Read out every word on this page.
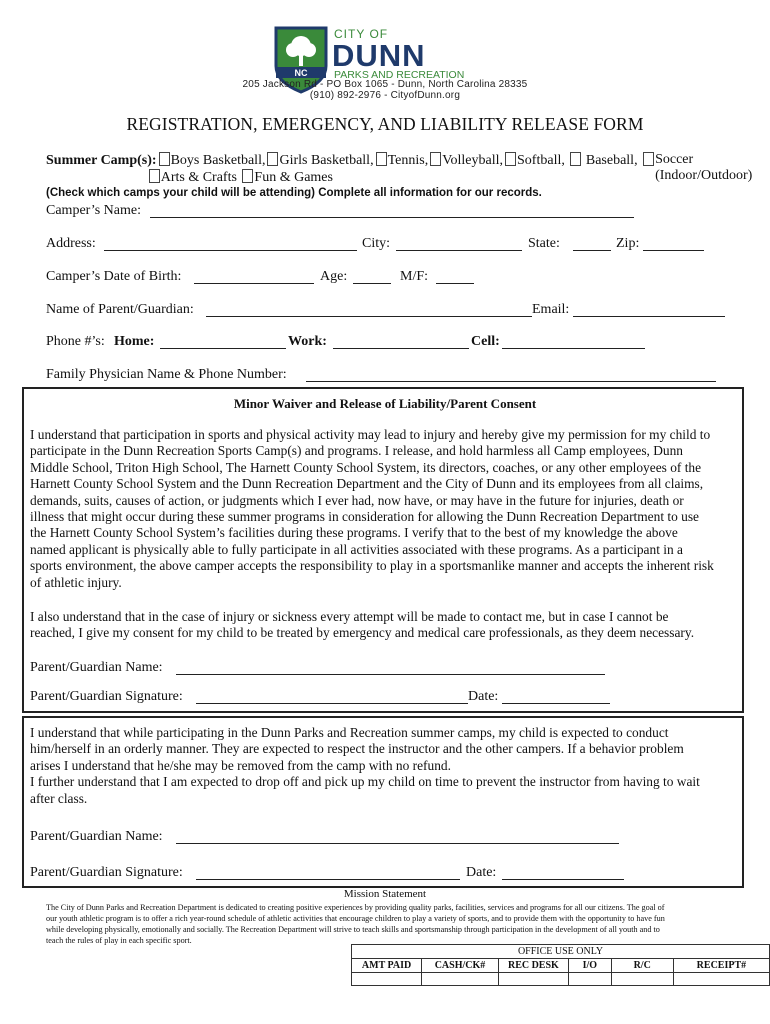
NC
CITY OF
DUNN
PARKS AND RECREATION
205 Jackson Rd - PO Box 1065 - Dunn, North Carolina 28335
(910) 892-2976 - CityofDunn.org
REGISTRATION, EMERGENCY, AND LIABILITY RELEASE FORM
Summer Camp(s): Boys Basketball, Girls Basketball, Tennis, Volleyball, Softball, Baseball, Soccer (Indoor/Outdoor)
Arts & Crafts Fun & Games
(Check which camps your child will be attending) Complete all information for our records.
Camper’s Name:
Address:	City:	State:	Zip:
Camper’s Date of Birth:	Age:	M/F:
Name of Parent/Guardian:	Email:
Phone #’s: Home:	Work:	Cell:
Family Physician Name & Phone Number:
Minor Waiver and Release of Liability/Parent Consent
I understand that participation in sports and physical activity may lead to injury and hereby give my permission for my child to
participate in the Dunn Recreation Sports Camp(s) and programs. I release, and hold harmless all Camp employees, Dunn
Middle School, Triton High School, The Harnett County School System, its directors, coaches, or any other employees of the
Harnett County School System and the Dunn Recreation Department and the City of Dunn and its employees from all claims,
demands, suits, causes of action, or judgments which I ever had, now have, or may have in the future for injuries, death or
illness that might occur during these summer programs in consideration for allowing the Dunn Recreation Department to use
the Harnett County School System’s facilities during these programs. I verify that to the best of my knowledge the above
named applicant is physically able to fully participate in all activities associated with these programs. As a participant in a
sports environment, the above camper accepts the responsibility to play in a sportsmanlike manner and accepts the inherent risk
of athletic injury.
I also understand that in the case of injury or sickness every attempt will be made to contact me, but in case I cannot be
reached, I give my consent for my child to be treated by emergency and medical care professionals, as they deem necessary.
Parent/Guardian Name:
Parent/Guardian Signature:	Date:
I understand that while participating in the Dunn Parks and Recreation summer camps, my child is expected to conduct
him/herself in an orderly manner. They are expected to respect the instructor and the other campers. If a behavior problem
arises I understand that he/she may be removed from the camp with no refund.
I further understand that I am expected to drop off and pick up my child on time to prevent the instructor from having to wait
after class.
Parent/Guardian Name:
Parent/Guardian Signature:	Date:
Mission Statement
The City of Dunn Parks and Recreation Department is dedicated to creating positive experiences by providing quality parks, facilities, services and programs for all our citizens. The goal of
our youth athletic program is to offer a rich year-round schedule of athletic activities that encourage children to play a variety of sports, and to provide them with the opportunity to have fun
while developing physically, emotionally and socially. The Recreation Department will strive to teach skills and sportsmanship through participation in the development of all youth and to
teach the rules of play in each specific sport.
OFFICE USE ONLY					
AMT PAID	CASH/CK#	REC DESK	I/O	R/C	RECEIPT#
